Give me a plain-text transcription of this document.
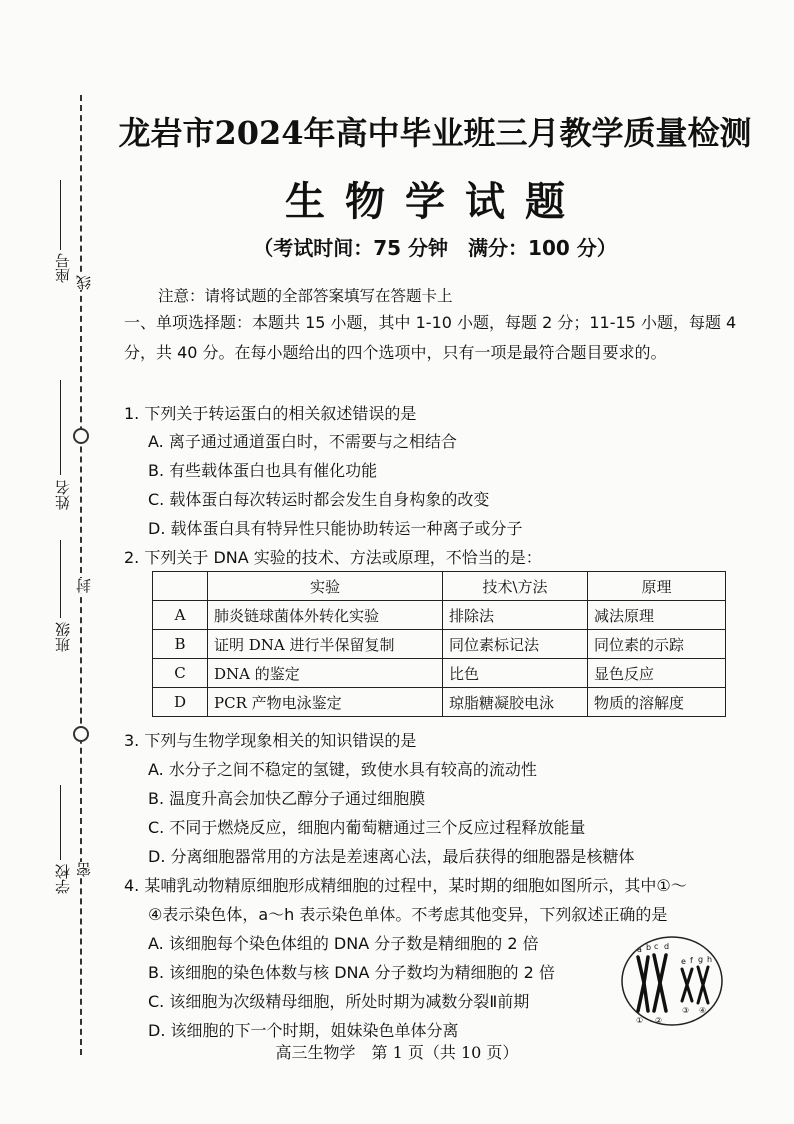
座号
姓名
班级
学校
线
封
密
龙岩市2024年高中毕业班三月教学质量检测
生物学试题
（考试时间：75 分钟　满分：100 分）
注意：请将试题的全部答案填写在答题卡上
一、单项选择题：本题共 15 小题，其中 1-10 小题，每题 2 分；11-15 小题，每题 4 分，共 40 分。在每小题给出的四个选项中，只有一项是最符合题目要求的。
1. 下列关于转运蛋白的相关叙述错误的是
A. 离子通过通道蛋白时，不需要与之相结合
B. 有些载体蛋白也具有催化功能
C. 载体蛋白每次转运时都会发生自身构象的改变
D. 载体蛋白具有特异性只能协助转运一种离子或分子
2. 下列关于 DNA 实验的技术、方法或原理，不恰当的是：
	实验	技术\方法	原理
A	肺炎链球菌体外转化实验	排除法	减法原理
B	证明 DNA 进行半保留复制	同位素标记法	同位素的示踪
C	DNA 的鉴定	比色	显色反应
D	PCR 产物电泳鉴定	琼脂糖凝胶电泳	物质的溶解度
3. 下列与生物学现象相关的知识错误的是
A. 水分子之间不稳定的氢键，致使水具有较高的流动性
B. 温度升高会加快乙醇分子通过细胞膜
C. 不同于燃烧反应，细胞内葡萄糖通过三个反应过程释放能量
D. 分离细胞器常用的方法是差速离心法，最后获得的细胞器是核糖体
4. 某哺乳动物精原细胞形成精细胞的过程中，某时期的细胞如图所示，其中①～
④表示染色体，a～h 表示染色单体。不考虑其他变异，下列叙述正确的是
A. 该细胞每个染色体组的 DNA 分子数是精细胞的 2 倍
B. 该细胞的染色体数与核 DNA 分子数均为精细胞的 2 倍
C. 该细胞为次级精母细胞，所处时期为减数分裂Ⅱ前期
D. 该细胞的下一个时期，姐妹染色单体分离
a b c d
e f g h
① ②
③ ④
高三生物学　第 1 页（共 10 页）
